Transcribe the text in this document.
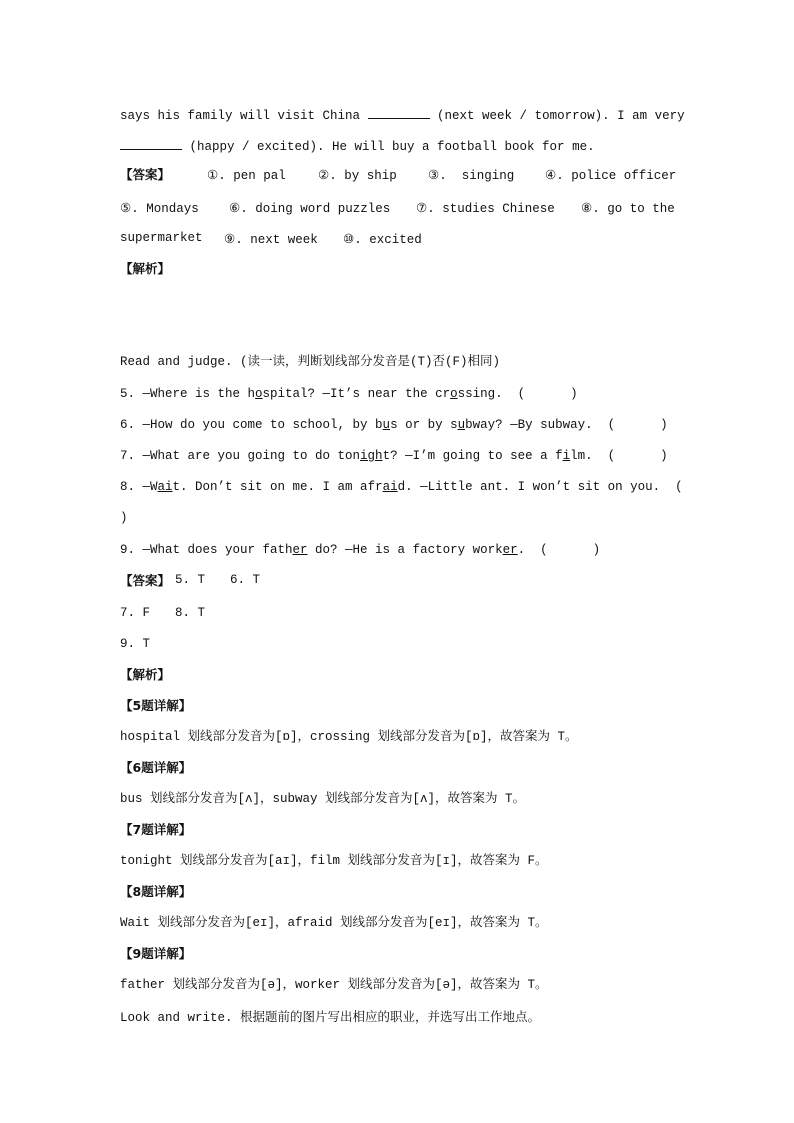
says his family will visit China	(next week / tomorrow). I am very
(happy / excited). He will buy a football book for me.
【答案】	①. pen pal	②. by ship	③.  singing ④. police officer
⑤. Mondays ⑥. doing word puzzles ⑦. studies Chinese ⑧. go to the
supermarket ⑨. next week ⑩. excited
【解析】
Read and judge. (读一读，判断划线部分发音是(T)否(F)相同)
5. —Where is the hospital? —It’s near the crossing.  (      )
6. —How do you come to school, by bus or by subway? —By subway.  (      )
7. —What are you going to do tonight? —I’m going to see a film.  (      )
8. —Wait. Don’t sit on me. I am afraid. —Little ant. I won’t sit on you.  (
)
9. —What does your father do? —He is a factory worker.  (      )
【答案】 5. T 6. T
7. F 8. T
9. T
【解析】
【5题详解】
hospital 划线部分发音为[ɒ]，crossing 划线部分发音为[ɒ]，故答案为 T。
【6题详解】
bus 划线部分发音为[ʌ]，subway 划线部分发音为[ʌ]，故答案为 T。
【7题详解】
tonight 划线部分发音为[aɪ]，film 划线部分发音为[ɪ]，故答案为 F。
【8题详解】
Wait 划线部分发音为[eɪ]，afraid 划线部分发音为[eɪ]，故答案为 T。
【9题详解】
father 划线部分发音为[ə]，worker 划线部分发音为[ə]，故答案为 T。
Look and write. 根据题前的图片写出相应的职业，并选写出工作地点。
